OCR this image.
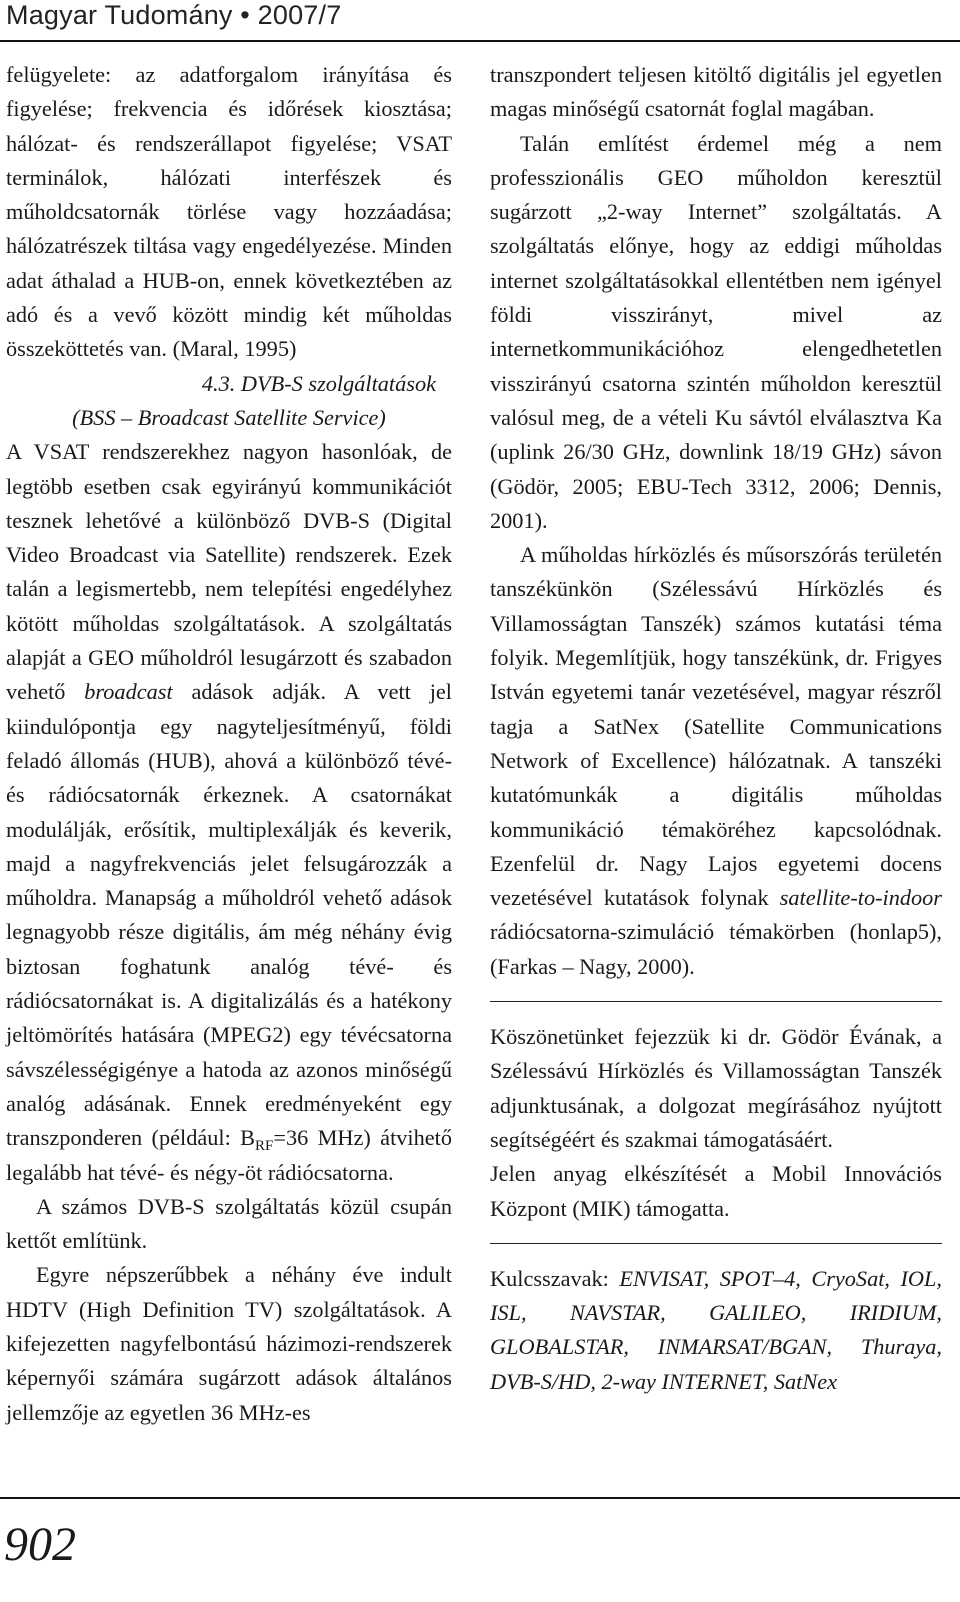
Magyar Tudomány • 2007/7

felügyelete: az adatforgalom irányítása és figyelése; frekvencia és időrések kiosztása; hálózat- és rendszerállapot figyelése; VSAT terminálok, hálózati interfészek és műholdcsatornák törlése vagy hozzáadása; hálózatrészek tiltása vagy engedélyezése. Minden adat áthalad a HUB-on, ennek következtében az adó és a vevő között mindig két műholdas összeköttetés van. (Maral, 1995)

4.3. DVB-S szolgáltatások

(BSS – Broadcast Satellite Service)

A VSAT rendszerekhez nagyon hasonlóak, de legtöbb esetben csak egyirányú kommunikációt tesznek lehetővé a különböző DVB-S (Digital Video Broadcast via Satellite) rendszerek. Ezek talán a legismertebb, nem telepítési engedélyhez kötött műholdas szolgáltatások. A szolgáltatás alapját a GEO műholdról lesugárzott és szabadon vehető broadcast adások adják. A vett jel kiindulópontja egy nagyteljesítményű, földi feladó állomás (HUB), ahová a különböző tévé- és rádiócsatornák érkeznek. A csatornákat modulálják, erősítik, multiplexálják és keverik, majd a nagyfrekvenciás jelet felsugározzák a műholdra. Manapság a műholdról vehető adások legnagyobb része digitális, ám még néhány évig biztosan foghatunk analóg tévé- és rádiócsatornákat is. A digitalizálás és a hatékony jeltömörítés hatására (MPEG2) egy tévécsatorna sávszélességigénye a hatoda az azonos minőségű analóg adásának. Ennek eredményeként egy transzponderen (például: $B_{RF}=36$ MHz) átvihető legalább hat tévé- és négy-öt rádiócsatorna.

A számos DVB-S szolgáltatás közül csupán kettőt említünk.

Egyre népszerűbbek a néhány éve indult HDTV (High Definition TV) szolgáltatások. A kifejezetten nagyfelbontású házimozi-rendszerek képernyői számára sugárzott adások általános jellemzője az egyetlen 36 MHz-es

transzpondert teljesen kitöltő digitális jel egyetlen magas minőségű csatornát foglal magában.

Talán említést érdemel még a nem professzionális GEO műholdon keresztül sugárzott „2-way Internet” szolgáltatás. A szolgáltatás előnye, hogy az eddigi műholdas internet szolgáltatásokkal ellentétben nem igényel földi visszirányt, mivel az internetkommunikációhoz elengedhetetlen visszirányú csatorna szintén műholdon keresztül valósul meg, de a vételi Ku sávtól elválasztva Ka (uplink 26/30 GHz, downlink 18/19 GHz) sávon (Gödör, 2005; EBU-Tech 3312, 2006; Dennis, 2001).

A műholdas hírközlés és műsorszórás területén tanszékünkön (Szélessávú Hírközlés és Villamosságtan Tanszék) számos kutatási téma folyik. Megemlítjük, hogy tanszékünk, dr. Frigyes István egyetemi tanár vezetésével, magyar részről tagja a SatNex (Satellite Communications Network of Excellence) hálózatnak. A tanszéki kutatómunkák a digitális műholdas kommunikáció témaköréhez kapcsolódnak. Ezenfelül dr. Nagy Lajos egyetemi docens vezetésével kutatások folynak satellite-to-indoor rádiócsatorna-szimuláció témakörben (honlap5), (Farkas – Nagy, 2000).

Köszönetünket fejezzük ki dr. Gödör Évának, a Szélessávú Hírközlés és Villamosságtan Tanszék adjunktusának, a dolgozat megírásához nyújtott segítségéért és szakmai támogatásáért.

Jelen anyag elkészítését a Mobil Innovációs Központ (MIK) támogatta.

Kulcsszavak: ENVISAT, SPOT–4, CryoSat, IOL, ISL, NAVSTAR, GALILEO, IRIDIUM, GLOBALSTAR, INMARSAT/BGAN, Thuraya, DVB-S/HD, 2-way INTERNET, SatNex

902
